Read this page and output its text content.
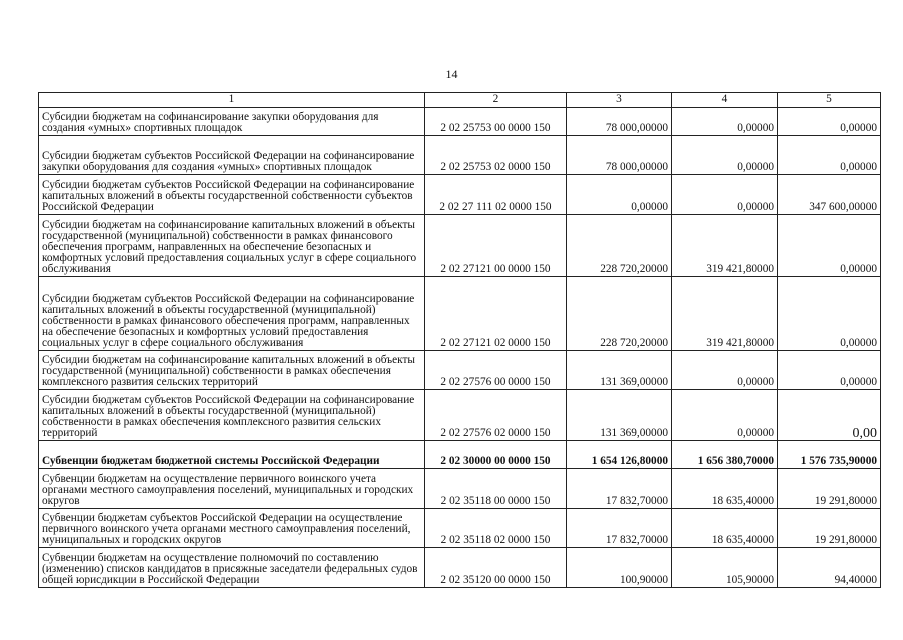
14
1	2	3	4	5
Субсидии бюджетам на софинансирование закупки оборудования для создания «умных» спортивных площадок	2 02 25753 00 0000 150	78 000,00000	0,00000	0,00000
Субсидии бюджетам субъектов Российской Федерации на софинансирование закупки оборудования для создания «умных» спортивных площадок	2 02 25753 02 0000 150	78 000,00000	0,00000	0,00000
Субсидии бюджетам субъектов Российской Федерации на софинансирование капитальных вложений в объекты государственной собственности субъектов Российской Федерации	2 02 27 111 02 0000 150	0,00000	0,00000	347 600,00000
Субсидии бюджетам на софинансирование капитальных вложений в объекты государственной (муниципальной) собственности в рамках финансового обеспечения программ, направленных на обеспечение безопасных и комфортных условий предоставления социальных услуг в сфере социального обслуживания	2 02 27121 00 0000 150	228 720,20000	319 421,80000	0,00000
Субсидии бюджетам субъектов Российской Федерации на софинансирование капитальных вложений в объекты государственной (муниципальной) собственности в рамках финансового обеспечения программ, направленных на обеспечение безопасных и комфортных условий предоставления социальных услуг в сфере социального обслуживания	2 02 27121 02 0000 150	228 720,20000	319 421,80000	0,00000
Субсидии бюджетам на софинансирование капитальных вложений в объекты государственной (муниципальной) собственности в рамках обеспечения комплексного развития сельских территорий	2 02 27576 00 0000 150	131 369,00000	0,00000	0,00000
Субсидии бюджетам субъектов Российской Федерации на софинансирование капитальных вложений в объекты государственной (муниципальной) собственности в рамках обеспечения комплексного развития сельских территорий	2 02 27576 02 0000 150	131 369,00000	0,00000	0,00
Субвенции бюджетам бюджетной системы Российской Федерации	2 02 30000 00 0000 150	1 654 126,80000	1 656 380,70000	1 576 735,90000
Субвенции бюджетам на осуществление первичного воинского учета органами местного самоуправления поселений, муниципальных и городских округов	2 02 35118 00 0000 150	17 832,70000	18 635,40000	19 291,80000
Субвенции бюджетам субъектов Российской Федерации на осуществление первичного воинского учета органами местного самоуправления поселений, муниципальных и городских округов	2 02 35118 02 0000 150	17 832,70000	18 635,40000	19 291,80000
Субвенции бюджетам на осуществление полномочий по составлению (изменению) списков кандидатов в присяжные заседатели федеральных судов общей юрисдикции в Российской Федерации	2 02 35120 00 0000 150	100,90000	105,90000	94,40000
